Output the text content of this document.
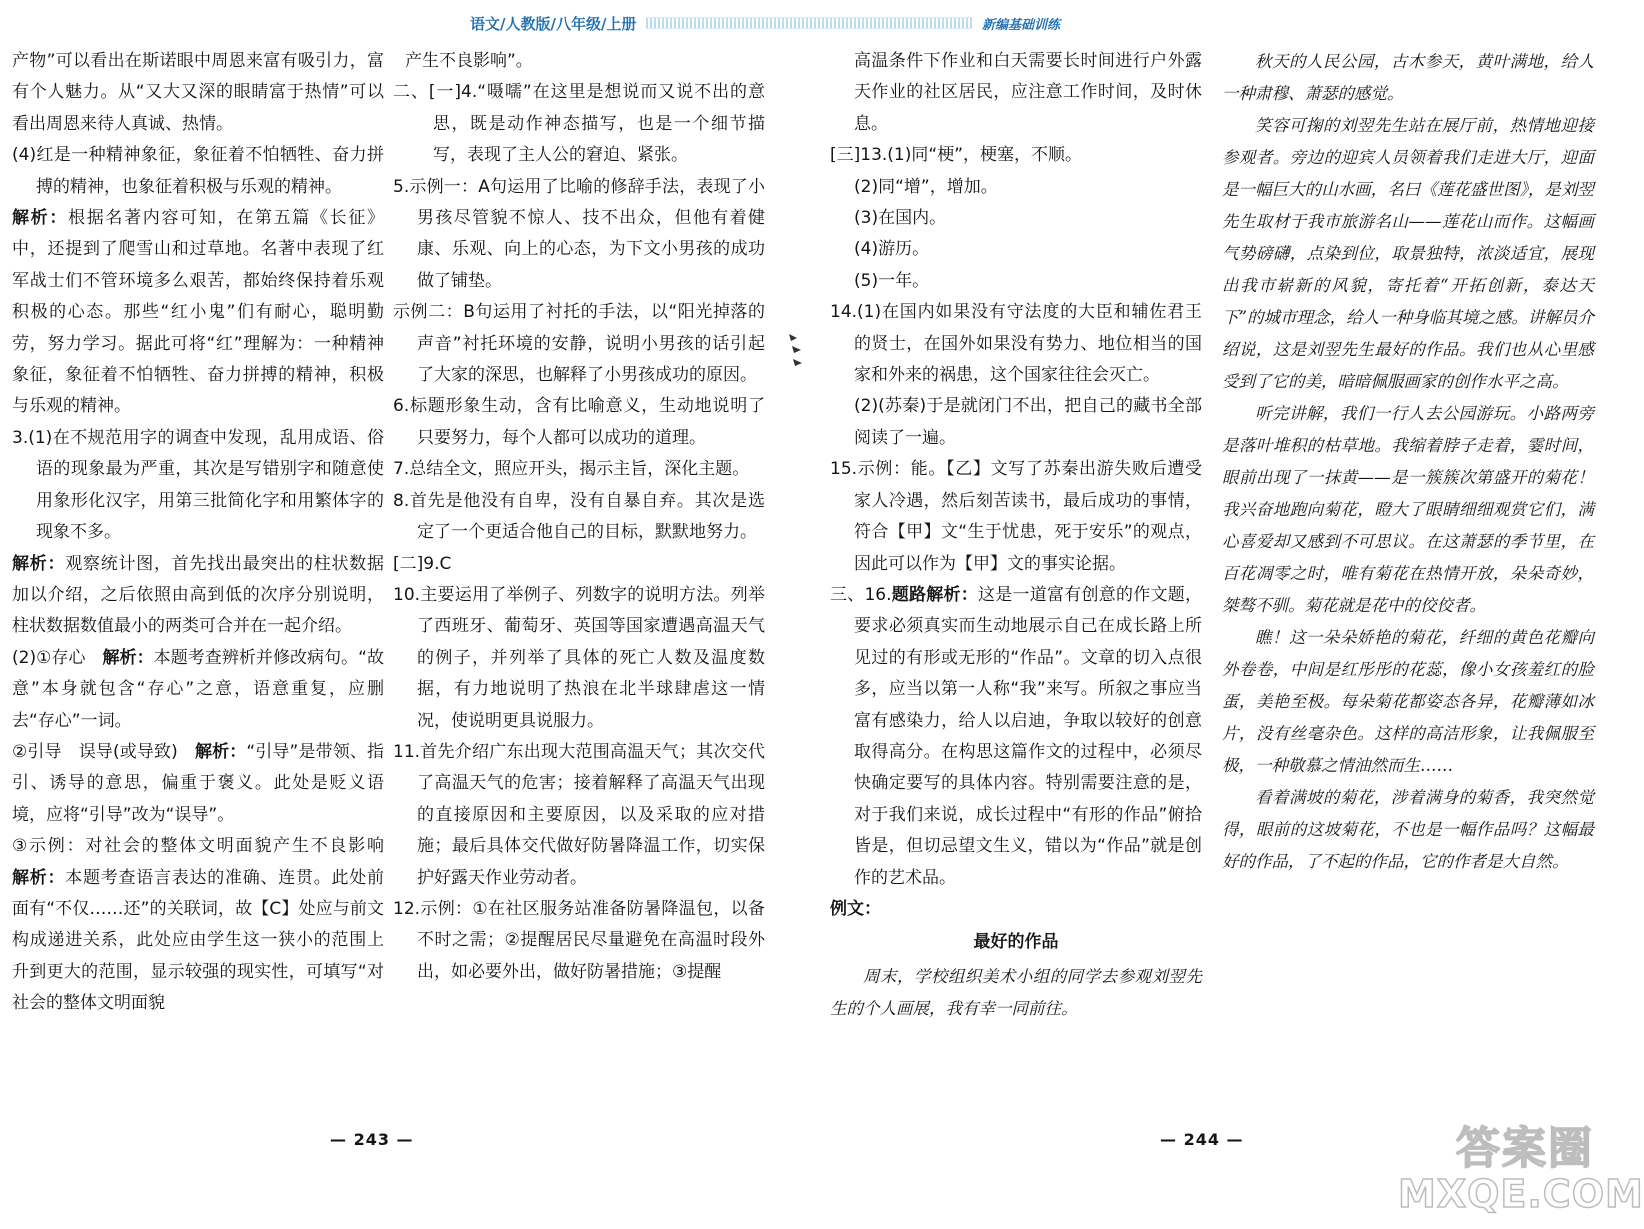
语文/人教版/八年级/上册	新编基础训练

产物”可以看出在斯诺眼中周恩来富有吸引力，富有个人魅力。从“又大又深的眼睛富于热情”可以看出周恩来待人真诚、热情。

(4)红是一种精神象征，象征着不怕牺牲、奋力拼搏的精神，也象征着积极与乐观的精神。

解析：根据名著内容可知，在第五篇《长征》中，还提到了爬雪山和过草地。名著中表现了红军战士们不管环境多么艰苦，都始终保持着乐观积极的心态。那些“红小鬼”们有耐心，聪明勤劳，努力学习。据此可将“红”理解为：一种精神象征，象征着不怕牺牲、奋力拼搏的精神，积极与乐观的精神。

3.(1)在不规范用字的调查中发现，乱用成语、俗语的现象最为严重，其次是写错别字和随意使用象形化汉字，用第三批简化字和用繁体字的现象不多。

解析：观察统计图，首先找出最突出的柱状数据加以介绍，之后依照由高到低的次序分别说明，柱状数据数值最小的两类可合并在一起介绍。

(2)①存心　解析：本题考查辨析并修改病句。“故意”本身就包含“存心”之意，语意重复，应删去“存心”一词。

②引导　误导(或导致)　解析：“引导”是带领、指引、诱导的意思，偏重于褒义。此处是贬义语境，应将“引导”改为“误导”。

③示例：对社会的整体文明面貌产生不良影响　解析：本题考查语言表达的准确、连贯。此处前面有“不仅……还”的关联词，故【C】处应与前文构成递进关系，此处应由学生这一狭小的范围上升到更大的范围，显示较强的现实性，可填写“对社会的整体文明面貌

产生不良影响”。

二、[一]4.“嗫嚅”在这里是想说而又说不出的意思，既是动作神态描写，也是一个细节描写，表现了主人公的窘迫、紧张。

5.示例一：A句运用了比喻的修辞手法，表现了小男孩尽管貌不惊人、技不出众，但他有着健康、乐观、向上的心态，为下文小男孩的成功做了铺垫。

示例二：B句运用了衬托的手法，以“阳光掉落的声音”衬托环境的安静，说明小男孩的话引起了大家的深思，也解释了小男孩成功的原因。

6.标题形象生动，含有比喻意义，生动地说明了只要努力，每个人都可以成功的道理。

7.总结全文，照应开头，揭示主旨，深化主题。

8.首先是他没有自卑，没有自暴自弃。其次是选定了一个更适合他自己的目标，默默地努力。

[二]9.C

10.主要运用了举例子、列数字的说明方法。列举了西班牙、葡萄牙、英国等国家遭遇高温天气的例子，并列举了具体的死亡人数及温度数据，有力地说明了热浪在北半球肆虐这一情况，使说明更具说服力。

11.首先介绍广东出现大范围高温天气；其次交代了高温天气的危害；接着解释了高温天气出现的直接原因和主要原因，以及采取的应对措施；最后具体交代做好防暑降温工作，切实保护好露天作业劳动者。

12.示例：①在社区服务站准备防暑降温包，以备不时之需；②提醒居民尽量避免在高温时段外出，如必要外出，做好防暑措施；③提醒

高温条件下作业和白天需要长时间进行户外露天作业的社区居民，应注意工作时间，及时休息。

[三]13.(1)同“梗”，梗塞，不顺。

(2)同“增”，增加。

(3)在国内。

(4)游历。

(5)一年。

14.(1)在国内如果没有守法度的大臣和辅佐君王的贤士，在国外如果没有势力、地位相当的国家和外来的祸患，这个国家往往会灭亡。

(2)(苏秦)于是就闭门不出，把自己的藏书全部阅读了一遍。

15.示例：能。【乙】文写了苏秦出游失败后遭受家人冷遇，然后刻苦读书，最后成功的事情，符合【甲】文“生于忧患，死于安乐”的观点，因此可以作为【甲】文的事实论据。

三、16.题路解析：这是一道富有创意的作文题，要求必须真实而生动地展示自己在成长路上所见过的有形或无形的“作品”。文章的切入点很多，应当以第一人称“我”来写。所叙之事应当富有感染力，给人以启迪，争取以较好的创意取得高分。在构思这篇作文的过程中，必须尽快确定要写的具体内容。特别需要注意的是，对于我们来说，成长过程中“有形的作品”俯拾皆是，但切忌望文生义，错以为“作品”就是创作的艺术品。

例文：

最好的作品

周末，学校组织美术小组的同学去参观刘翌先生的个人画展，我有幸一同前往。

秋天的人民公园，古木参天，黄叶满地，给人一种肃穆、萧瑟的感觉。

笑容可掬的刘翌先生站在展厅前，热情地迎接参观者。旁边的迎宾人员领着我们走进大厅，迎面是一幅巨大的山水画，名曰《莲花盛世图》，是刘翌先生取材于我市旅游名山——莲花山而作。这幅画气势磅礴，点染到位，取景独特，浓淡适宜，展现出我市崭新的风貌，寄托着“开拓创新，泰达天下”的城市理念，给人一种身临其境之感。讲解员介绍说，这是刘翌先生最好的作品。我们也从心里感受到了它的美，暗暗佩服画家的创作水平之高。

听完讲解，我们一行人去公园游玩。小路两旁是落叶堆积的枯草地。我缩着脖子走着，霎时间，眼前出现了一抹黄——是一簇簇次第盛开的菊花！我兴奋地跑向菊花，瞪大了眼睛细细观赏它们，满心喜爱却又感到不可思议。在这萧瑟的季节里，在百花凋零之时，唯有菊花在热情开放，朵朵奇妙，桀骜不驯。菊花就是花中的佼佼者。

瞧！这一朵朵娇艳的菊花，纤细的黄色花瓣向外卷卷，中间是红彤彤的花蕊，像小女孩羞红的脸蛋，美艳至极。每朵菊花都姿态各异，花瓣薄如冰片，没有丝毫杂色。这样的高洁形象，让我佩服至极，一种敬慕之情油然而生……

看着满坡的菊花，涉着满身的菊香，我突然觉得，眼前的这坡菊花，不也是一幅作品吗？这幅最好的作品，了不起的作品，它的作者是大自然。

— 243 —	— 244 —	答案圈
MXQE.COM
